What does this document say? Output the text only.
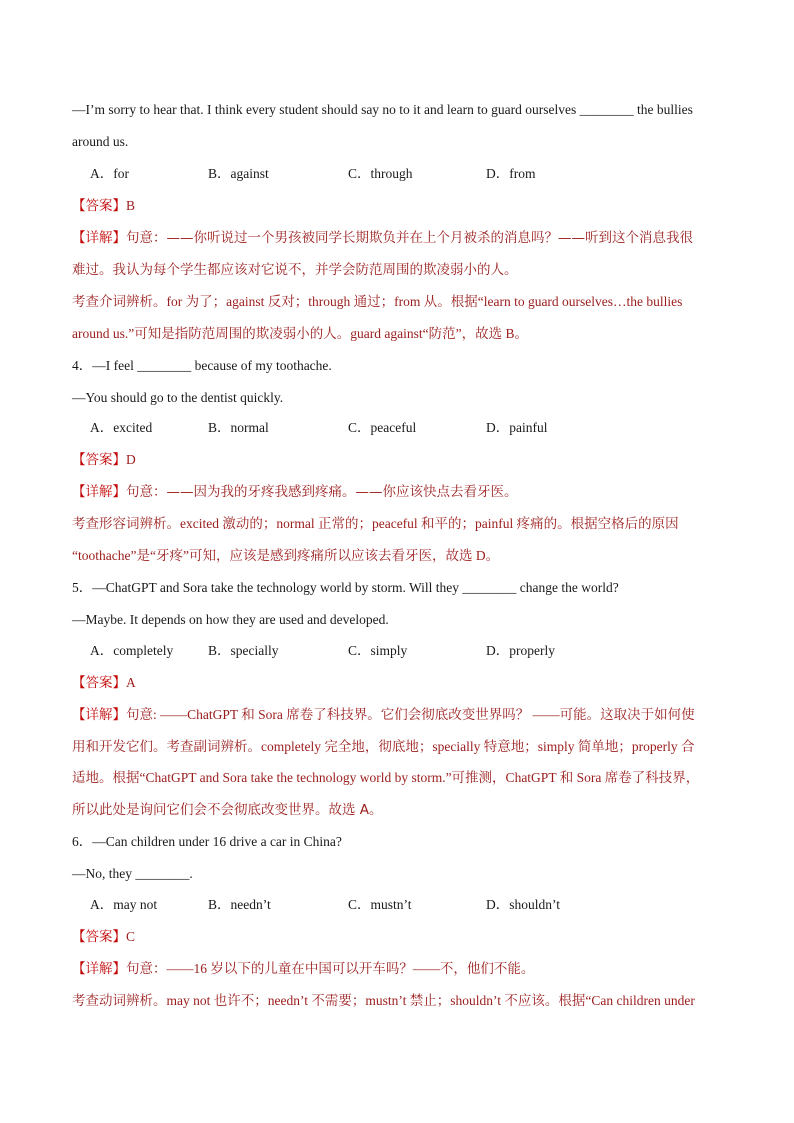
—I’m sorry to hear that. I think every student should say no to it and learn to guard ourselves ________ the bullies
around us.
A．for	B．against	C．through	D．from
【答案】B
【详解】句意：——你听说过一个男孩被同学长期欺负并在上个月被杀的消息吗？——听到这个消息我很
难过。我认为每个学生都应该对它说不，并学会防范周围的欺凌弱小的人。
考查介词辨析。for 为了；against 反对；through 通过；from 从。根据“learn to guard ourselves…the bullies
around us.”可知是指防范周围的欺凌弱小的人。guard against“防范”，故选 B。
4．—I feel ________ because of my toothache.
—You should go to the dentist quickly.
A．excited	B．normal	C．peaceful	D．painful
【答案】D
【详解】句意：——因为我的牙疼我感到疼痛。——你应该快点去看牙医。
考查形容词辨析。excited 激动的；normal 正常的；peaceful 和平的；painful 疼痛的。根据空格后的原因
“toothache”是“牙疼”可知，应该是感到疼痛所以应该去看牙医，故选 D。
5．—ChatGPT and Sora take the technology world by storm. Will they ________ change the world?
—Maybe. It depends on how they are used and developed.
A．completely	B．specially	C．simply	D．properly
【答案】A
【详解】句意: ——ChatGPT 和 Sora 席卷了科技界。它们会彻底改变世界吗？ ——可能。这取决于如何使
用和开发它们。考查副词辨析。completely 完全地，彻底地；specially 特意地；simply 简单地；properly 合
适地。根据“ChatGPT and Sora take the technology world by storm.”可推测，ChatGPT 和 Sora 席卷了科技界，
所以此处是询问它们会不会彻底改变世界。故选 A。
6．—Can children under 16 drive a car in China?
—No, they ________.
A．may not	B．needn’t	C．mustn’t	D．shouldn’t
【答案】C
【详解】句意：——16 岁以下的儿童在中国可以开车吗？——不，他们不能。
考查动词辨析。may not 也许不；needn’t 不需要；mustn’t 禁止；shouldn’t 不应该。根据“Can children under
